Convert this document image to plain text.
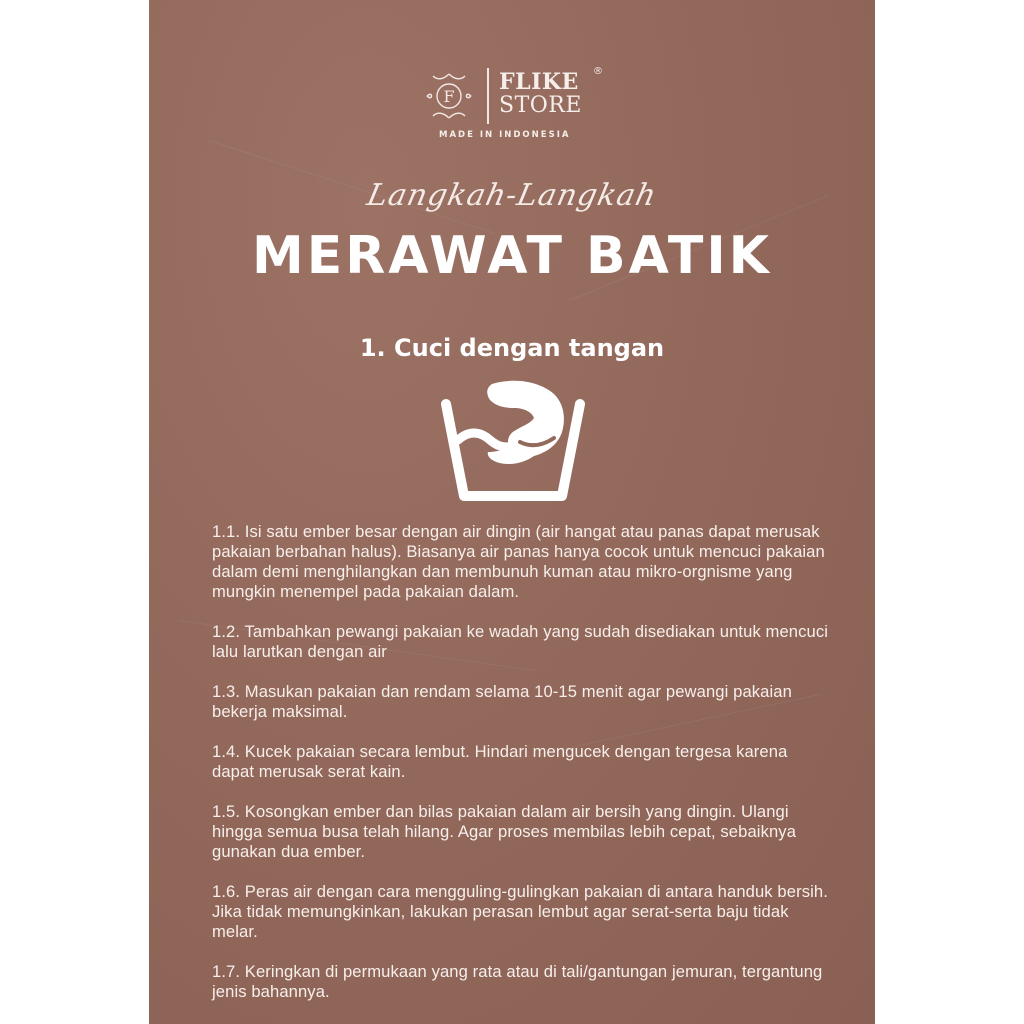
F
FLIKE
STORE
®
MADE IN INDONESIA
Langkah-Langkah
MERAWAT BATIK
1. Cuci dengan tangan

1.1. Isi satu ember besar dengan air dingin (air hangat atau panas dapat merusak pakaian berbahan halus). Biasanya air panas hanya cocok untuk mencuci pakaian dalam demi menghilangkan dan membunuh kuman atau mikro-orgnisme yang mungkin menempel pada pakaian dalam.

1.2. Tambahkan pewangi pakaian ke wadah yang sudah disediakan untuk mencuci lalu larutkan dengan air

1.3. Masukan pakaian dan rendam selama 10-15 menit agar pewangi pakaian bekerja maksimal.

1.4. Kucek pakaian secara lembut. Hindari mengucek dengan tergesa karena dapat merusak serat kain.

1.5. Kosongkan ember dan bilas pakaian dalam air bersih yang dingin. Ulangi hingga semua busa telah hilang. Agar proses membilas lebih cepat, sebaiknya gunakan dua ember.

1.6. Peras air dengan cara mengguling-gulingkan pakaian di antara handuk bersih. Jika tidak memungkinkan, lakukan perasan lembut agar serat-serta baju tidak melar.

1.7. Keringkan di permukaan yang rata atau di tali/gantungan jemuran, tergantung jenis bahannya.
